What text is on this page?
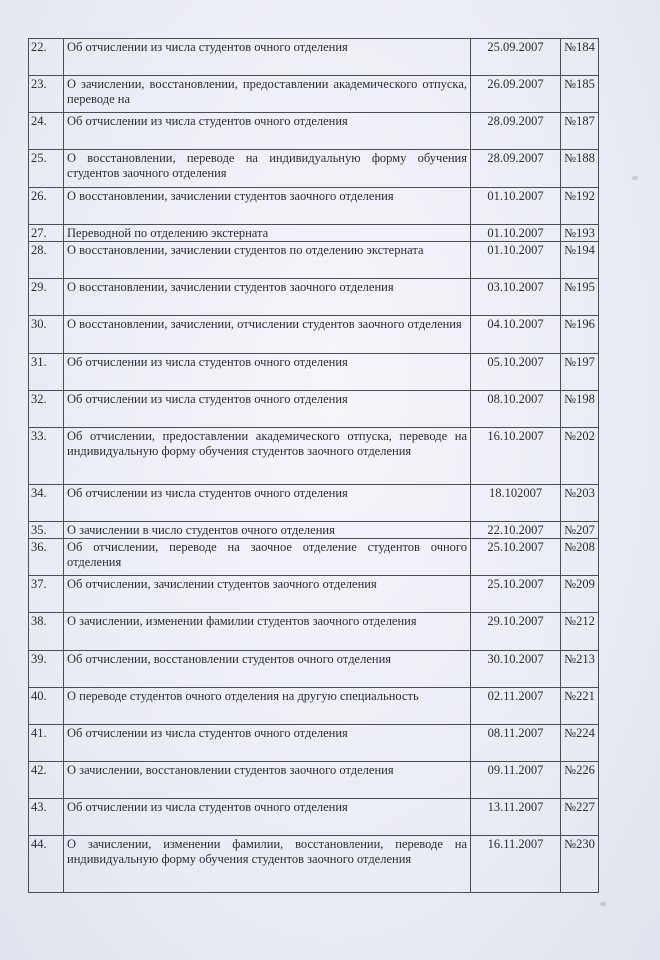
22.	Об отчислении из числа студентов очного отделения	25.09.2007	№184
23.	О зачислении, восстановлении, предоставлении академического отпуска, переводе на	26.09.2007	№185
24.	Об отчислении из числа студентов очного отделения	28.09.2007	№187
25.	О восстановлении, переводе на индивидуальную форму обучения студентов заочного отделения	28.09.2007	№188
26.	О восстановлении, зачислении студентов заочного отделения	01.10.2007	№192
27.	Переводной по отделению экстерната	01.10.2007	№193
28.	О восстановлении, зачислении студентов по отделению экстерната	01.10.2007	№194
29.	О восстановлении, зачислении студентов заочного отделения	03.10.2007	№195
30.	О восстановлении, зачислении, отчислении студентов заочного отделения	04.10.2007	№196
31.	Об отчислении из числа студентов очного отделения	05.10.2007	№197
32.	Об отчислении из числа студентов очного отделения	08.10.2007	№198
33.	Об отчислении, предоставлении академического отпуска, переводе на индивидуальную форму обучения студентов заочного отделения	16.10.2007	№202
34.	Об отчислении из числа студентов очного отделения	18.102007	№203
35.	О зачислении в число студентов очного отделения	22.10.2007	№207
36.	Об отчислении, переводе на заочное отделение студентов очного отделения	25.10.2007	№208
37.	Об отчислении, зачислении студентов заочного отделения	25.10.2007	№209
38.	О зачислении, изменении фамилии студентов заочного отделения	29.10.2007	№212
39.	Об отчислении, восстановлении студентов очного отделения	30.10.2007	№213
40.	О переводе студентов очного отделения на другую специальность	02.11.2007	№221
41.	Об отчислении из числа студентов очного отделения	08.11.2007	№224
42.	О зачислении, восстановлении студентов заочного отделения	09.11.2007	№226
43.	Об отчислении из числа студентов очного отделения	13.11.2007	№227
44.	О зачислении, изменении фамилии, восстановлении, переводе на индивидуальную форму обучения студентов заочного отделения	16.11.2007	№230
